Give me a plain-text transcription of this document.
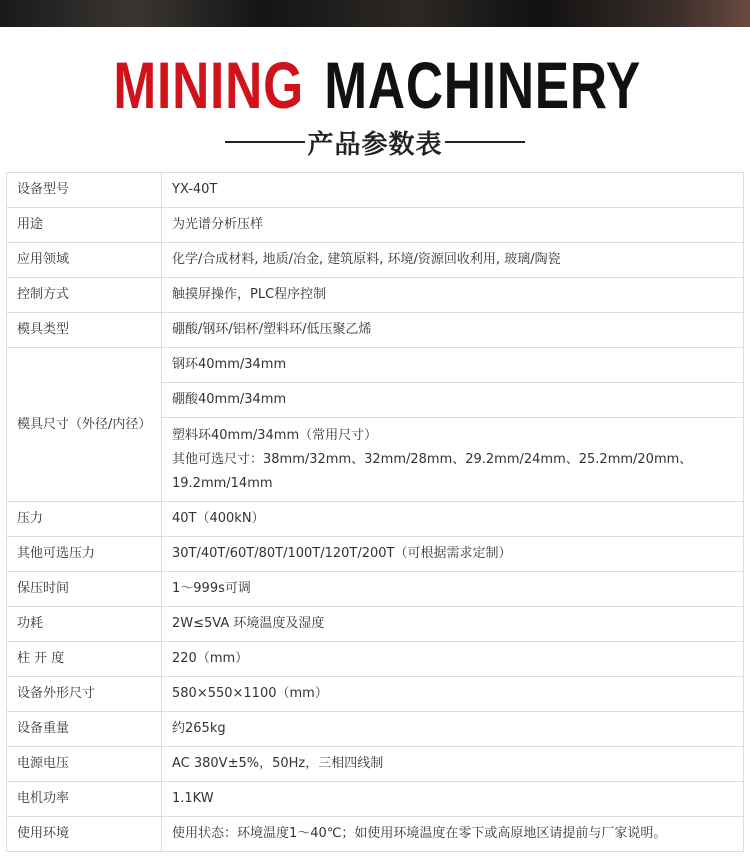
MINING MACHINERY
产品参数表
设备型号	YX-40T
用途	为光谱分析压样
应用领域	化学/合成材料, 地质/冶金, 建筑原料, 环境/资源回收利用, 玻璃/陶瓷
控制方式	触摸屏操作，PLC程序控制
模具类型	硼酸/钢环/铝杯/塑料环/低压聚乙烯
模具尺寸（外径/内径）	钢环40mm/34mm
	硼酸40mm/34mm

	塑料环40mm/34mm（常用尺寸）
其他可选尺寸：38mm/32mm、32mm/28mm、29.2mm/24mm、25.2mm/20mm、19.2mm/14mm

压力	40T（400kN）
其他可选压力	30T/40T/60T/80T/100T/120T/200T（可根据需求定制）
保压时间	1～999s可调
功耗	2W≤5VA 环境温度及湿度
柱 开 度	220（mm）
设备外形尺寸	580×550×1100（mm）
设备重量	约265kg
电源电压	AC 380V±5%，50Hz，三相四线制
电机功率	1.1KW
使用环境	使用状态：环境温度1～40℃；如使用环境温度在零下或高原地区请提前与厂家说明。
